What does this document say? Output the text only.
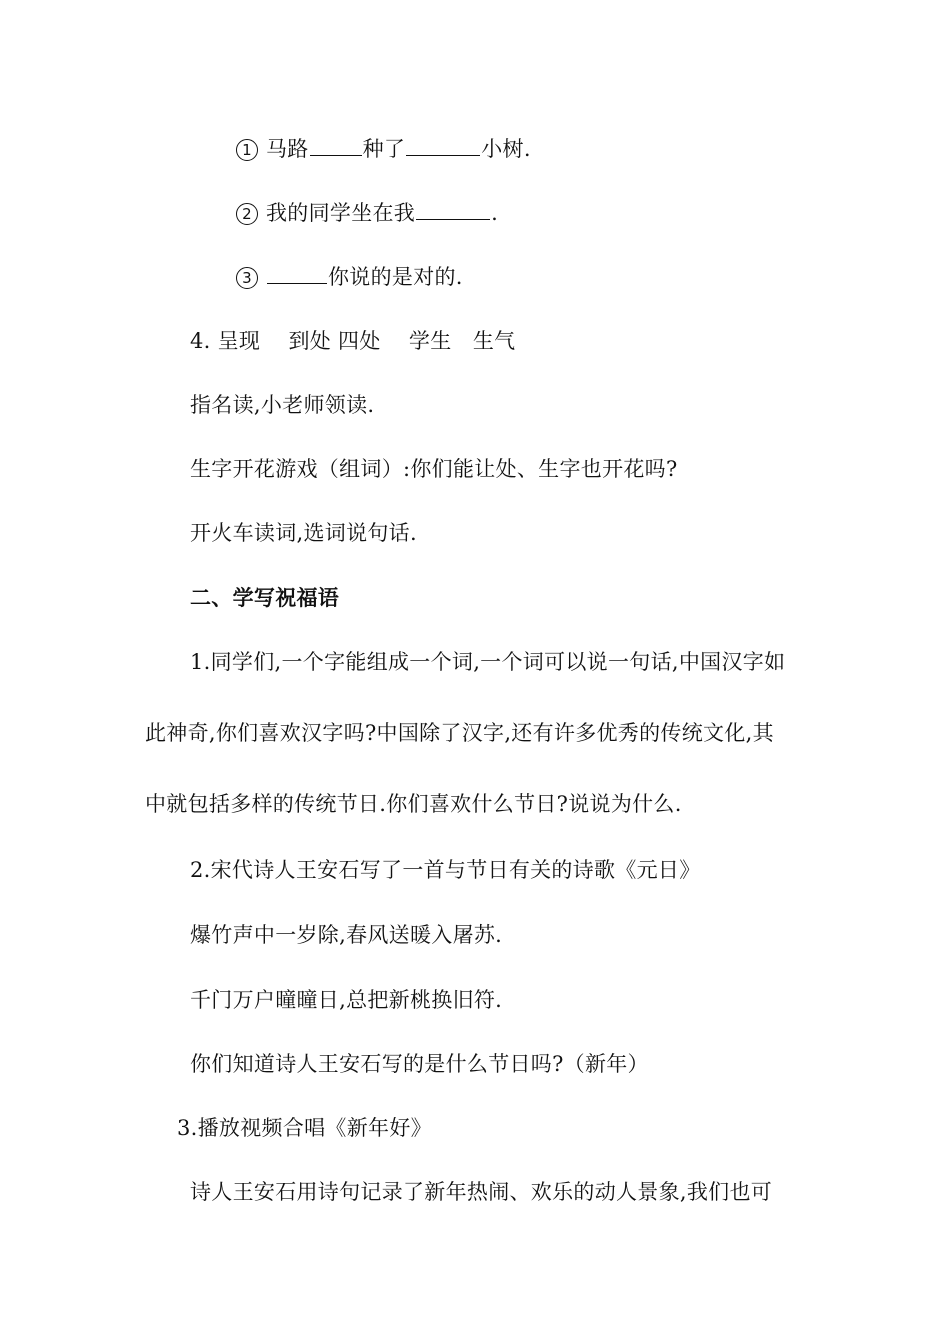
1 马路	种了	小树.
2 我的同学坐在我	.
3	你说的是对的.
4. 呈现　 到处 四处　 学生　生气
指名读,小老师领读.
生字开花游戏（组词）:你们能让处、生字也开花吗?
开火车读词,选词说句话.
二、学写祝福语
1.同学们,一个字能组成一个词,一个词可以说一句话,中国汉字如
此神奇,你们喜欢汉字吗?中国除了汉字,还有许多优秀的传统文化,其
中就包括多样的传统节日.你们喜欢什么节日?说说为什么.
2.宋代诗人王安石写了一首与节日有关的诗歌《元日》
爆竹声中一岁除,春风送暖入屠苏.
千门万户曈曈日,总把新桃换旧符.
你们知道诗人王安石写的是什么节日吗?（新年）
3.播放视频合唱《新年好》
诗人王安石用诗句记录了新年热闹、欢乐的动人景象,我们也可
